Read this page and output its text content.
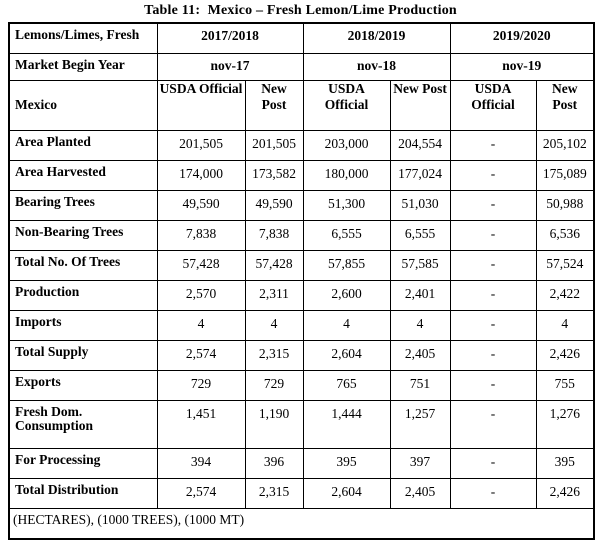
Table 11:  Mexico – Fresh Lemon/Lime Production
Lemons/Limes, Fresh	2017/2018		2018/2019		2019/2020	
Market Begin Year	nov-17		nov-18		nov-19	
Mexico	USDA Official	New Post	USDA Official	New Post	USDA Official	New Post
Area Planted	201,505	201,505	203,000	204,554	-	205,102
Area Harvested	174,000	173,582	180,000	177,024	-	175,089
Bearing Trees	49,590	49,590	51,300	51,030	-	50,988
Non-Bearing Trees	7,838	7,838	6,555	6,555	-	6,536
Total No. Of Trees	57,428	57,428	57,855	57,585	-	57,524
Production	2,570	2,311	2,600	2,401	-	2,422
Imports	4	4	4	4	-	4
Total Supply	2,574	2,315	2,604	2,405	-	2,426
Exports	729	729	765	751	-	755
Fresh Dom. Consumption	1,451	1,190	1,444	1,257	-	1,276
For Processing	394	396	395	397	-	395
Total Distribution	2,574	2,315	2,604	2,405	-	2,426
(HECTARES), (1000 TREES), (1000 MT)						
